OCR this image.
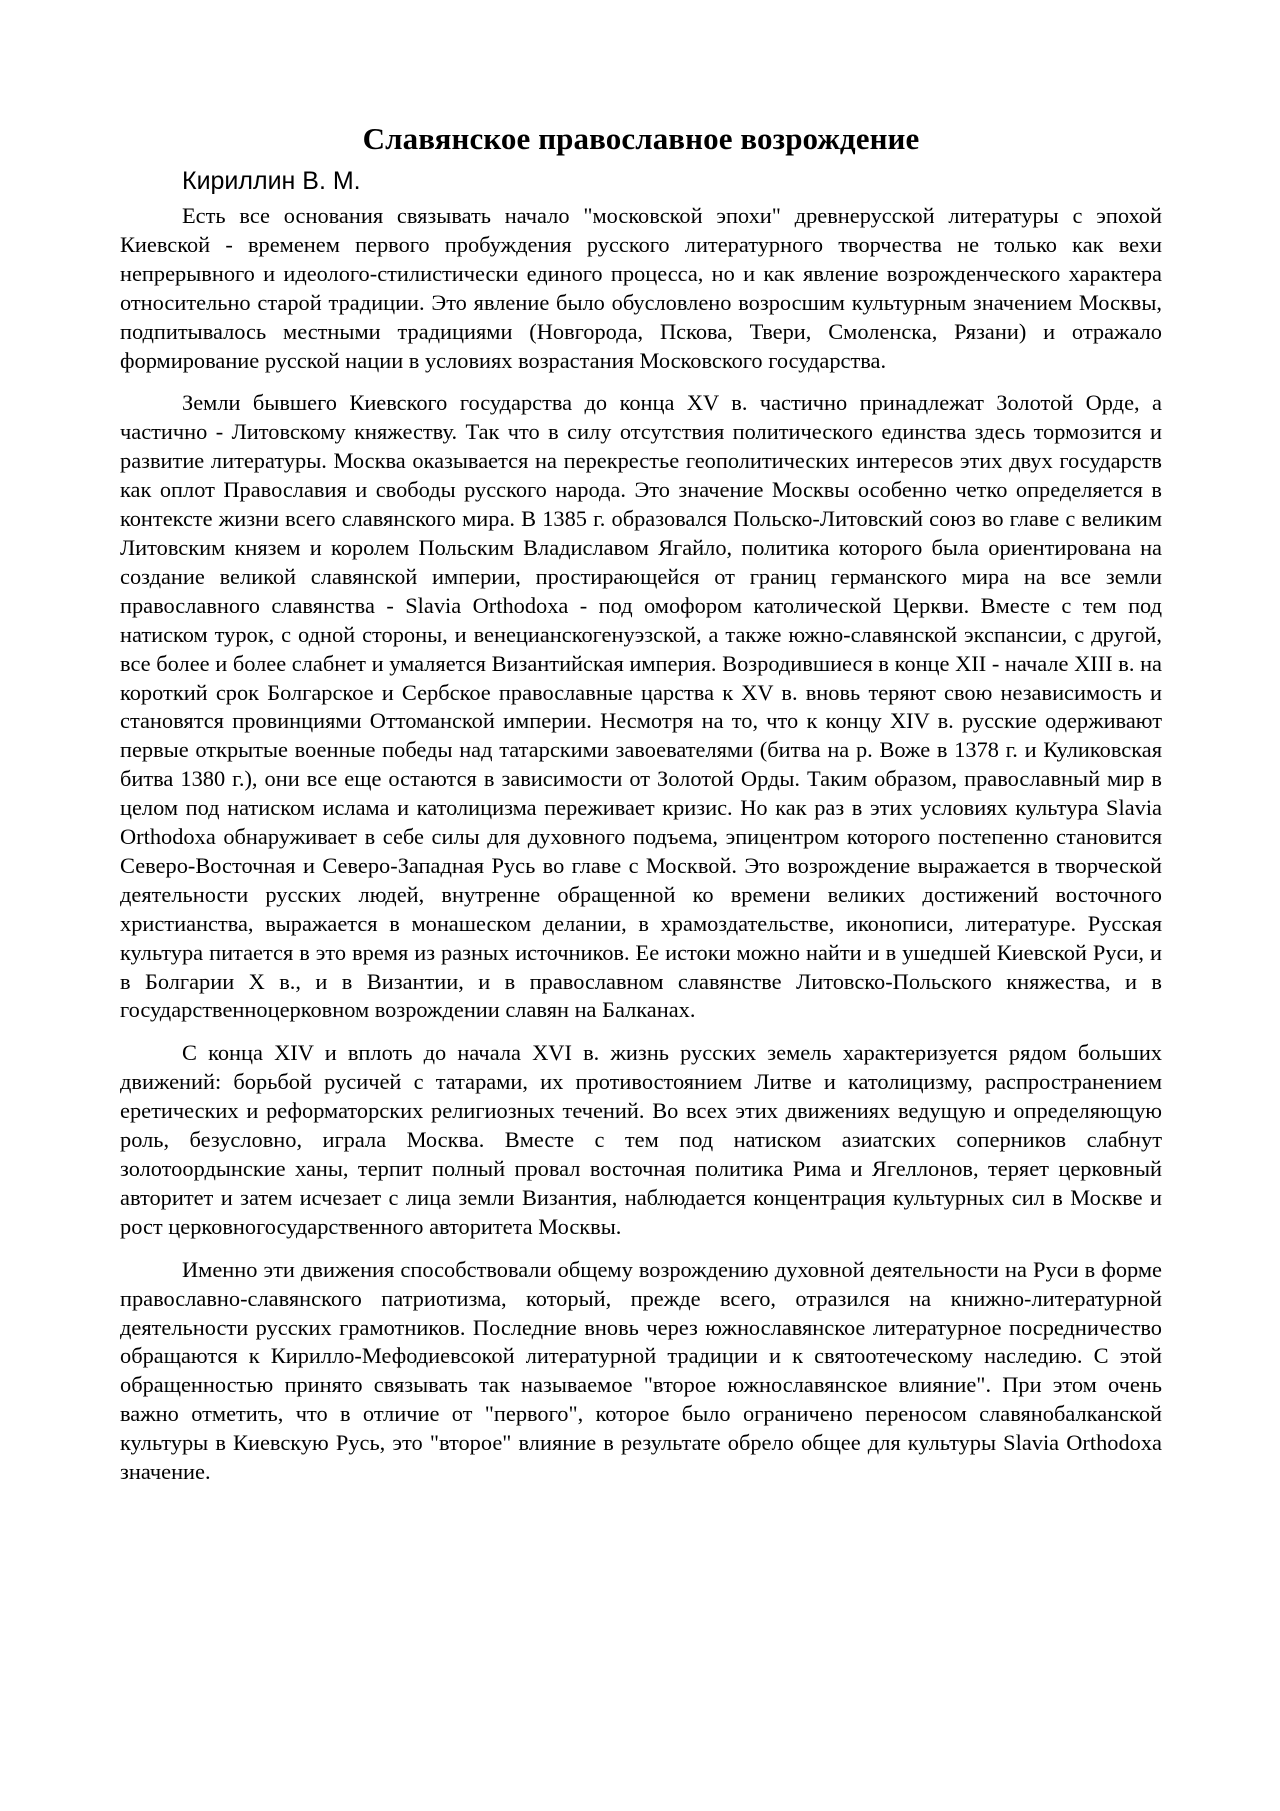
Славянское православное возрождение
Кириллин В. М.

Есть все основания связывать начало "московской эпохи" древнерусской литературы с эпохой Киевской - временем первого пробуждения русского литературного творчества не только как вехи непрерывного и идеолого-стилистически единого процесса, но и как явление возрожденческого характера относительно старой традиции. Это явление было обусловлено возросшим культурным значением Москвы, подпитывалось местными традициями (Новгорода, Пскова, Твери, Смоленска, Рязани) и отражало формирование русской нации в условиях возрастания Московского государства.

Земли бывшего Киевского государства до конца XV в. частично принадлежат Золотой Орде, а частично - Литовскому княжеству. Так что в силу отсутствия политического единства здесь тормозится и развитие литературы. Москва оказывается на перекрестье геополитических интересов этих двух государств как оплот Православия и свободы русского народа. Это значение Москвы особенно четко определяется в контексте жизни всего славянского мира. В 1385 г. образовался Польско-Литовский союз во главе с великим Литовским князем и королем Польским Владиславом Ягайло, политика которого была ориентирована на создание великой славянской империи, простирающейся от границ германского мира на все земли православного славянства - Slavia Orthodoxa - под омофором католической Церкви. Вместе с тем под натиском турок, с одной стороны, и венецианскогенуэзской, а также южно-славянской экспансии, с другой, все более и более слабнет и умаляется Византийская империя. Возродившиеся в конце XII - начале XIII в. на короткий срок Болгарское и Сербское православные царства к XV в. вновь теряют свою независимость и становятся провинциями Оттоманской империи. Несмотря на то, что к концу XIV в. русские одерживают первые открытые военные победы над татарскими завоевателями (битва на р. Воже в 1378 г. и Куликовская битва 1380 г.), они все еще остаются в зависимости от Золотой Орды. Таким образом, православный мир в целом под натиском ислама и католицизма переживает кризис. Но как раз в этих условиях культура Slavia Orthodoxa обнаруживает в себе силы для духовного подъема, эпицентром которого постепенно становится Северо-Восточная и Северо-Западная Русь во главе с Москвой. Это возрождение выражается в творческой деятельности русских людей, внутренне обращенной ко времени великих достижений восточного христианства, выражается в монашеском делании, в храмоздательстве, иконописи, литературе. Русская культура питается в это время из разных источников. Ее истоки можно найти и в ушедшей Киевской Руси, и в Болгарии X в., и в Византии, и в православном славянстве Литовско-Польского княжества, и в государственноцерковном возрождении славян на Балканах.

С конца XIV и вплоть до начала XVI в. жизнь русских земель характеризуется рядом больших движений: борьбой русичей с татарами, их противостоянием Литве и католицизму, распространением еретических и реформаторских религиозных течений. Во всех этих движениях ведущую и определяющую роль, безусловно, играла Москва. Вместе с тем под натиском азиатских соперников слабнут золотоордынские ханы, терпит полный провал восточная политика Рима и Ягеллонов, теряет церковный авторитет и затем исчезает с лица земли Византия, наблюдается концентрация культурных сил в Москве и рост церковногосударственного авторитета Москвы.

Именно эти движения способствовали общему возрождению духовной деятельности на Руси в форме православно-славянского патриотизма, который, прежде всего, отразился на книжно-литературной деятельности русских грамотников. Последние вновь через южнославянское литературное посредничество обращаются к Кирилло-Мефодиевсокой литературной традиции и к святоотеческому наследию. С этой обращенностью принято связывать так называемое "второе южнославянское влияние". При этом очень важно отметить, что в отличие от "первого", которое было ограничено переносом славянобалканской культуры в Киевскую Русь, это "второе" влияние в результате обрело общее для культуры Slavia Orthodoxa значение.
